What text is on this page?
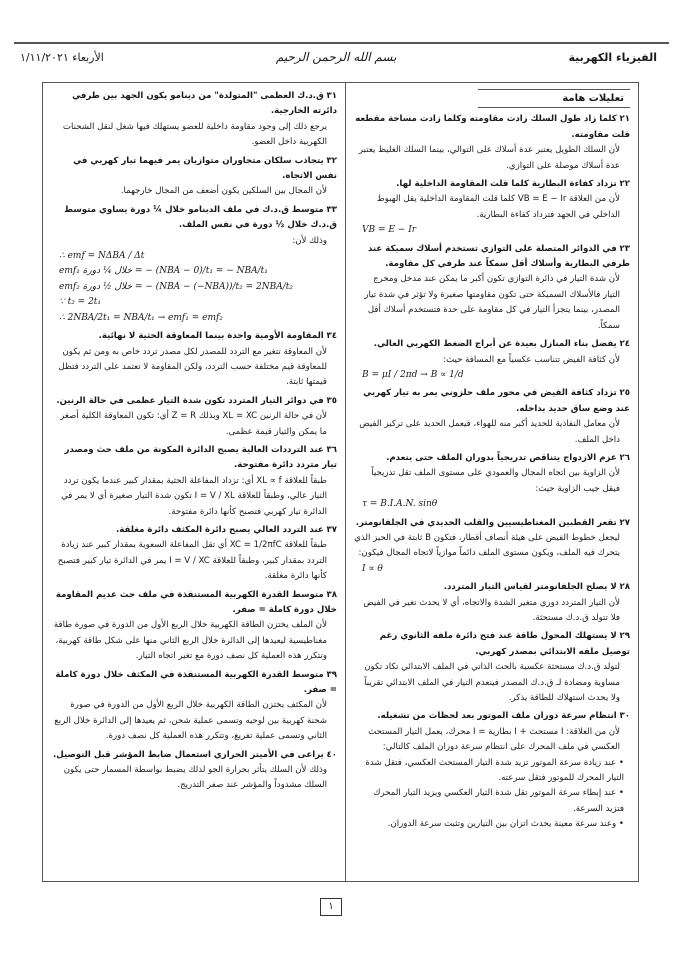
الفيزياء الكهربية
بسم الله الرحمن الرحيم
الأربعاء ١/١١/٢٠٢١
تعليلات هامة
٢١ كلما زاد طول السلك زادت مقاومته وكلما زادت مساحة مقطعه قلت مقاومته.
لأن السلك الطويل يعتبر عدة أسلاك على التوالي، بينما السلك الغليظ يعتبر عدة أسلاك موصلة على التوازي.
٢٢ تزداد كفاءة البطارية كلما قلت المقاومة الداخلية لها.
لأن من العلاقة VB = E − Ir كلما قلت المقاومة الداخلية يقل الهبوط الداخلي في الجهد فتزداد كفاءة البطارية.
VB = E − Ir
٢٣ في الدوائر المتصلة على التوازي تستخدم أسلاك سميكة عند طرفي البطارية وأسلاك أقل سمكاً عند طرفي كل مقاومة.
لأن شدة التيار في دائرة التوازي تكون أكبر ما يمكن عند مدخل ومخرج التيار فالأسلاك السميكة حتى تكون مقاومتها صغيرة ولا تؤثر في شدة تيار المصدر، بينما يتجزأ التيار في كل مقاومة على حدة فتستخدم أسلاك أقل سمكاً.
٢٤ يفضل بناء المنازل بعيدة عن أبراج الضغط الكهربي العالي.
لأن كثافة الفيض تتناسب عكسياً مع المسافة حيث:
B = μI / 2πd → B ∝ 1/d
٢٥ تزداد كثافة الفيض في محور ملف حلزوني يمر به تيار كهربي عند وضع ساق حديد بداخله.
لأن معامل النفاذية للحديد أكبر منه للهواء، فيعمل الحديد على تركيز الفيض داخل الملف.
٢٦ عزم الازدواج يتناقص تدريجياً بدوران الملف حتى ينعدم.
لأن الزاوية بين اتجاه المجال والعمودي على مستوى الملف تقل تدريجياً فيقل جيب الزاوية حيث:
τ = B.I.A.N. sinθ
٢٧ تقعر القطبين المغناطيسيين والقلب الحديدي في الجلفانومتر.
ليجعل خطوط الفيض على هيئة أنصاف أقطار، فتكون B ثابتة في الحيز الذي يتحرك فيه الملف، ويكون مستوى الملف دائماً موازياً لاتجاه المجال فيكون:
I ∝ θ
٢٨ لا يصلح الجلفانومتر لقياس التيار المتردد.
لأن التيار المتردد دوري متغير الشدة والاتجاه، أي لا يحدث تغير في الفيض فلا تتولد ق.د.ك مستحثة.
٢٩ لا يستهلك المحول طاقة عند فتح دائرة ملفه الثانوي رغم توصيل ملفه الابتدائي بمصدر كهربي.
لتولد ق.د.ك مستحثة عكسية بالحث الذاتي في الملف الابتدائي تكاد تكون مساوية ومضادة لـ ق.د.ك المصدر فينعدم التيار في الملف الابتدائي تقريباً ولا يحدث استهلاك للطاقة يذكر.
٣٠ انتظام سرعة دوران ملف الموتور بعد لحظات من تشغيله.
لأن من العلاقة: I مستحث + I بطارية = I محرك، يعمل التيار المستحث العكسي في ملف المحرك على انتظام سرعة دوران الملف كالتالي:
• عند زيادة سرعة الموتور تزيد شدة التيار المستحث العكسي، فتقل شدة التيار المحرك للموتور فتقل سرعته.
• عند إبطاء سرعة الموتور تقل شدة التيار العكسي ويزيد التيار المحرك فتزيد السرعة.
• وعند سرعة معينة يحدث اتزان بين التيارين وتثبت سرعة الدوران.
٣١ ق.د.ك العظمى "المتولدة" من دينامو يكون الجهد بين طرفي دائرته الخارجية.
يرجع ذلك إلى وجود مقاومة داخلية للعضو يستهلك فيها شغل لنقل الشحنات الكهربية داخل العضو.
٣٢ يتجاذب سلكان متجاوران متوازيان يمر فيهما تيار كهربي في نفس الاتجاه.
لأن المجال بين السلكين يكون أضعف من المجال خارجهما.
٣٣ متوسط ق.د.ك في ملف الدينامو خلال ¼ دورة يساوي متوسط ق.د.ك خلال ½ دورة في نفس الملف.
وذلك لأن:
∴ emf = NΔBA / Δt
emf₁ خلال ¼ دورة = − (NBA − 0)/t₁ = − NBA/t₁
emf₂ خلال ½ دورة = − (NBA − (−NBA))/t₂ = 2NBA/t₂
∵ t₂ = 2t₁
∴ 2NBA/2t₁ = NBA/t₁ → emf₁ = emf₂
٣٤ المقاومة الأومية واحدة بينما المعاوقة الحثية لا نهائية.
لأن المعاوقة تتغير مع التردد للمصدر لكل مصدر تردد خاص به ومن ثم يكون للمعاوقة قيم مختلفة حسب التردد، ولكن المقاومة لا تعتمد على التردد فتظل قيمتها ثابتة.
٣٥ في دوائر التيار المتردد تكون شدة التيار عظمى في حالة الرنين.
لأن في حالة الرنين XL = XC وبذلك Z = R أي: تكون المعاوقة الكلية أصغر ما يمكن والتيار قيمة عظمى.
٣٦ عند الترددات العالية يصبح الدائرة المكونة من ملف حث ومصدر تيار متردد دائرة مفتوحة.
طبقاً للعلاقة XL ∝ f أي: تزداد المفاعلة الحثية بمقدار كبير عندما يكون تردد التيار عالي، وطبقاً للعلاقة I = V / XL تكون شدة التيار صغيرة أي لا يمر في الدائرة تيار كهربي فتصبح كأنها دائرة مفتوحة.
٣٧ عند التردد العالي يصبح دائرة المكثف دائرة مغلقة.
طبقاً للعلاقة XC = 1/2πfC أي تقل المفاعلة السعوية بمقدار كبير عند زيادة التردد بمقدار كبير، وطبقاً للعلاقة I = V / XC يمر في الدائرة تيار كبير فتصبح كأنها دائرة مغلقة.
٣٨ متوسط القدرة الكهربية المستنفذة في ملف حث عديم المقاومة خلال دورة كاملة = صفر.
لأن الملف يختزن الطاقة الكهربية خلال الربع الأول من الدورة في صورة طاقة مغناطيسية ليعيدها إلى الدائرة خلال الربع الثاني منها على شكل طاقة كهربية، وتتكرر هذه العملية كل نصف دورة مع تغير اتجاه التيار.
٣٩ متوسط القدرة الكهربية المستنفذة في المكثف خلال دورة كاملة = صفر.
لأن المكثف يختزن الطاقة الكهربية خلال الربع الأول من الدورة في صورة شحنة كهربية بين لوحيه وتسمى عملية شحن، ثم يعيدها إلى الدائرة خلال الربع الثاني وتسمى عملية تفريغ، وتتكرر هذه العملية كل نصف دورة.
٤٠ يراعى في الأميتر الحراري استعمال ضابط المؤشر قبل التوصيل.
وذلك لأن السلك يتأثر بحرارة الجو لذلك يضبط بواسطة المسمار حتى يكون السلك مشدوداً والمؤشر عند صفر التدريج.
١
